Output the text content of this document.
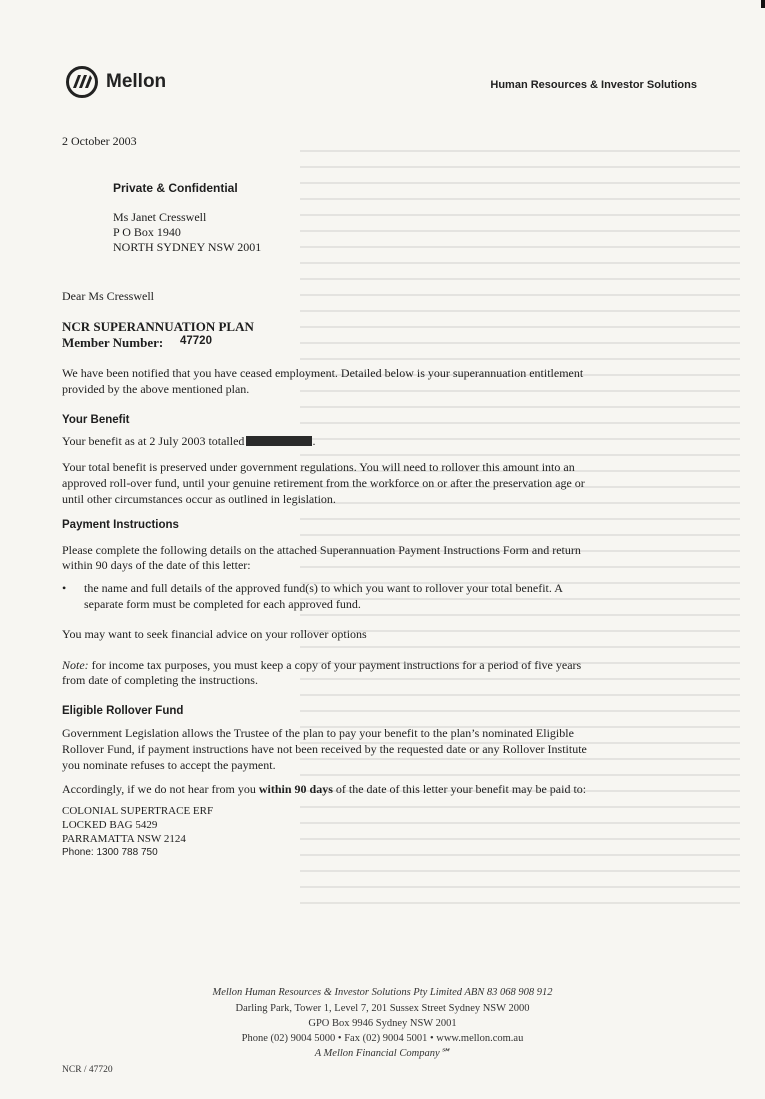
Mellon	Human Resources & Investor Solutions

2 October 2003

Private & Confidential

Ms Janet Cresswell

P O Box 1940

NORTH SYDNEY NSW 2001

Dear Ms Cresswell

NCR SUPERANNUATION PLAN

Member Number: 47720

We have been notified that you have ceased employment. Detailed below is your superannuation entitlement

provided by the above mentioned plan.

Your Benefit

Your benefit as at 2 July 2003 totalled	.

Your total benefit is preserved under government regulations. You will need to rollover this amount into an

approved roll-over fund, until your genuine retirement from the workforce on or after the preservation age or

until other circumstances occur as outlined in legislation.

Payment Instructions

Please complete the following details on the attached Superannuation Payment Instructions Form and return

within 90 days of the date of this letter:

• the name and full details of the approved fund(s) to which you want to rollover your total benefit. A

separate form must be completed for each approved fund.

You may want to seek financial advice on your rollover options

Note: for income tax purposes, you must keep a copy of your payment instructions for a period of five years

from date of completing the instructions.

Eligible Rollover Fund

Government Legislation allows the Trustee of the plan to pay your benefit to the plan’s nominated Eligible

Rollover Fund, if payment instructions have not been received by the requested date or any Rollover Institute

you nominate refuses to accept the payment.

Accordingly, if we do not hear from you within 90 days of the date of this letter your benefit may be paid to:

COLONIAL SUPERTRACE ERF

LOCKED BAG 5429

PARRAMATTA NSW 2124

Phone: 1300 788 750

Mellon Human Resources & Investor Solutions Pty Limited ABN 83 068 908 912
Darling Park, Tower 1, Level 7, 201 Sussex Street Sydney NSW 2000
GPO Box 9946 Sydney NSW 2001
Phone (02) 9004 5000 • Fax (02) 9004 5001 • www.mellon.com.au
A Mellon Financial Company℠
NCR / 47720
